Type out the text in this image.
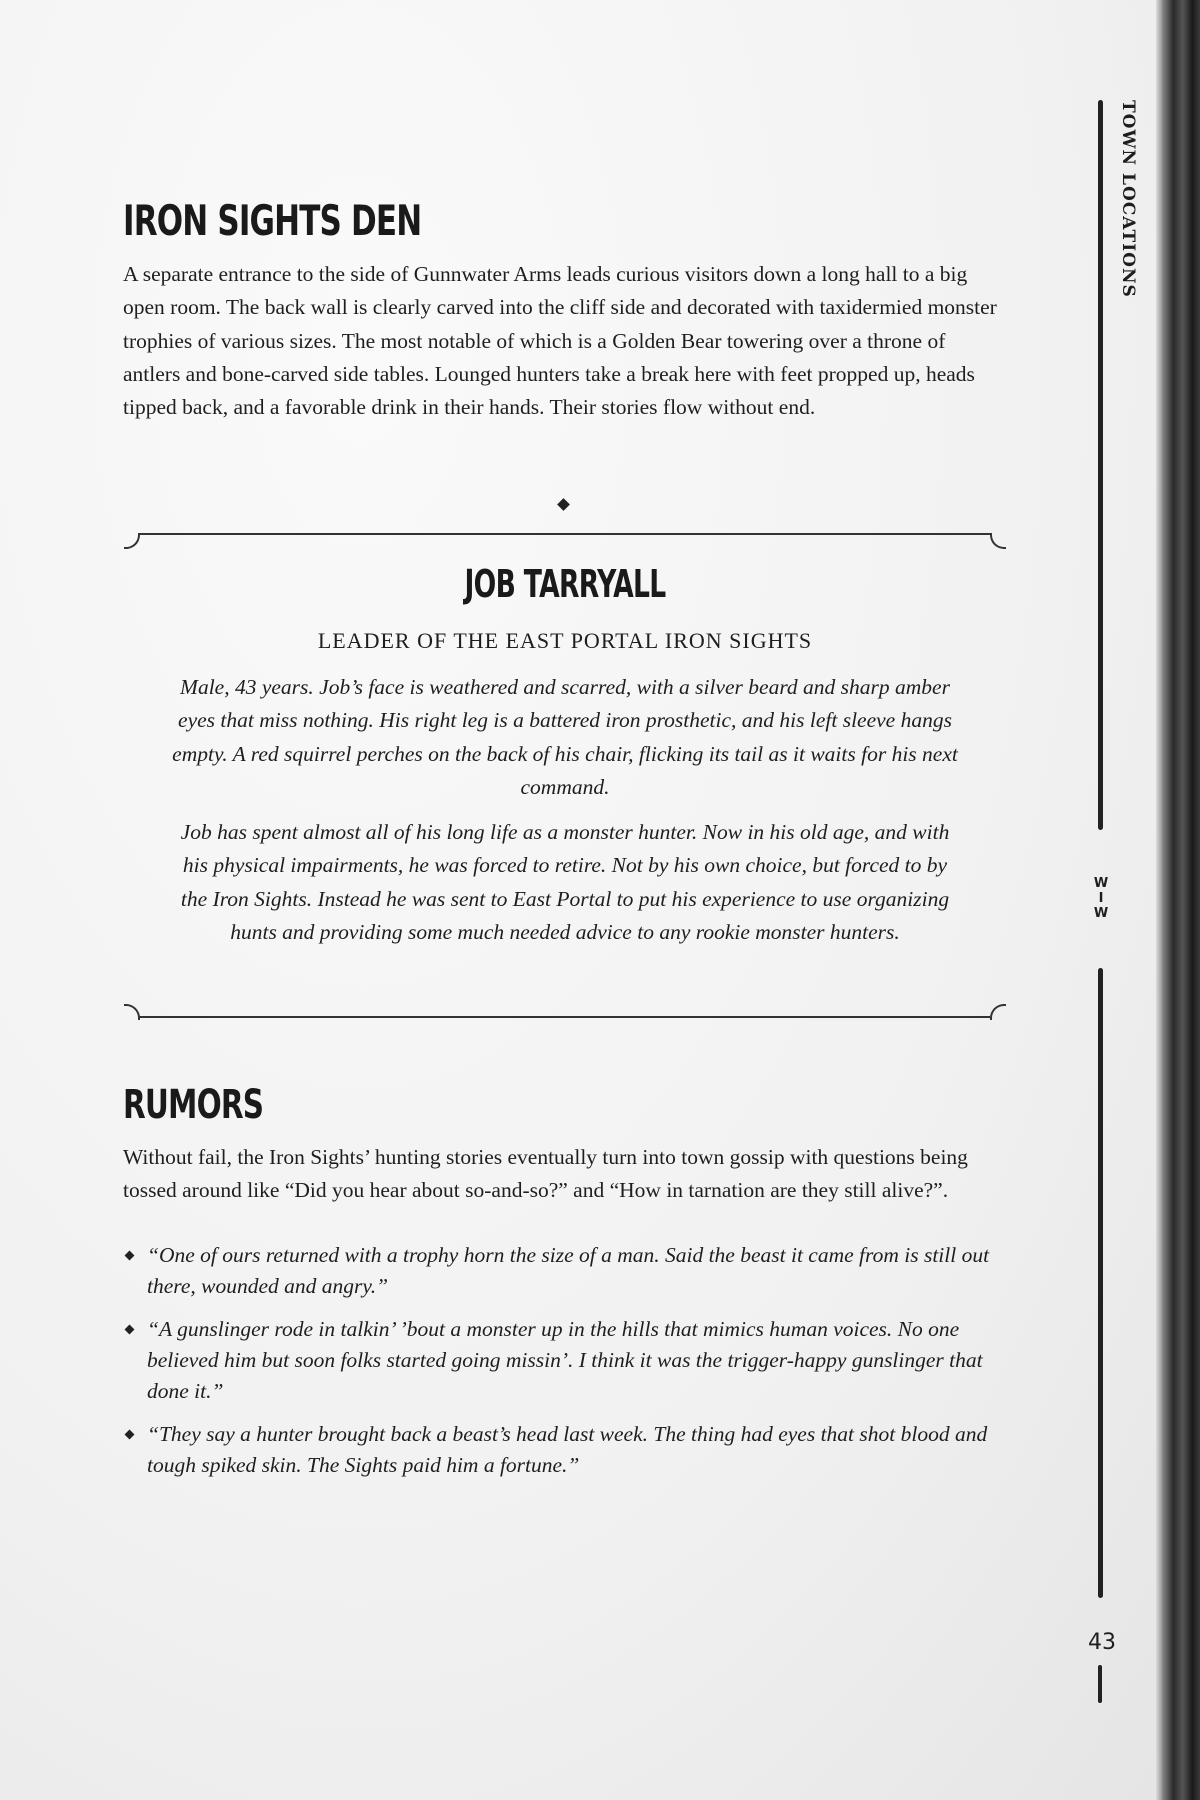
IRON SIGHTS DEN

A separate entrance to the side of Gunnwater Arms leads curious visitors down a long hall to a big open room. The back wall is clearly carved into the cliff side and decorated with taxidermied monster trophies of various sizes. The most notable of which is a Golden Bear towering over a throne of antlers and bone-carved side tables. Lounged hunters take a break here with feet propped up, heads tipped back, and a favorable drink in their hands. Their stories flow without end.

JOB TARRYALL
LEADER OF THE EAST PORTAL IRON SIGHTS

Male, 43 years. Job’s face is weathered and scarred, with a silver beard and sharp amber eyes that miss nothing. His right leg is a battered iron prosthetic, and his left sleeve hangs empty. A red squirrel perches on the back of his chair, flicking its tail as it waits for his next command.

Job has spent almost all of his long life as a monster hunter. Now in his old age, and with his physical impairments, he was forced to retire. Not by his own choice, but forced to by the Iron Sights. Instead he was sent to East Portal to put his experience to use organizing hunts and providing some much needed advice to any rookie monster hunters.

RUMORS

Without fail, the Iron Sights’ hunting stories eventually turn into town gossip with questions being tossed around like “Did you hear about so-and-so?” and “How in tarnation are they still alive?”.

“One of ours returned with a trophy horn the size of a man. Said the beast it came from is still out there, wounded and angry.”
“A gunslinger rode in talkin’ ’bout a monster up in the hills that mimics human voices. No one believed him but soon folks started going missin’. I think it was the trigger-happy gunslinger that done it.”
“They say a hunter brought back a beast’s head last week. The thing had eyes that shot blood and tough spiked skin. The Sights paid him a fortune.”
TOWN LOCATIONS
W
I
W
43
